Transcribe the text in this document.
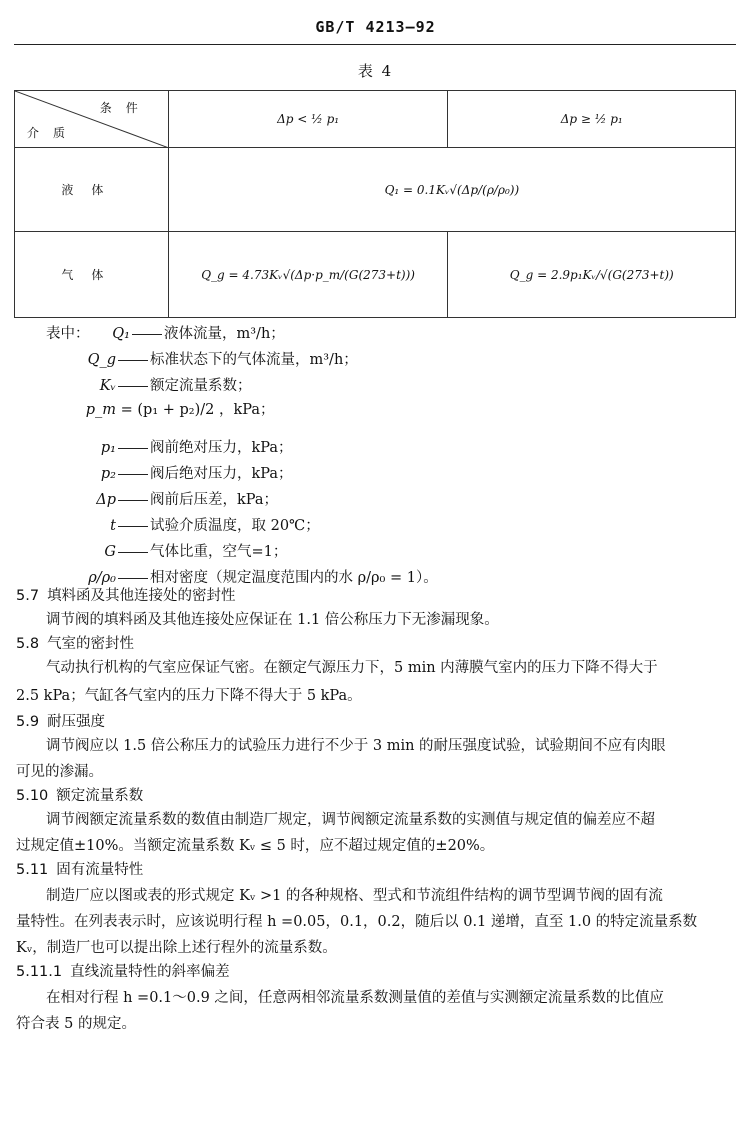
GB/T 4213—92
表 4
条件
介质	Δp < ½ p₁	Δp ≥ ½ p₁
液体	Q₁ = 0.1Kᵥ√(Δp/(ρ/ρ₀))	
气体	Q_g = 4.73Kᵥ√(Δp·p_m/(G(273+t)))	Q_g = 2.9p₁Kᵥ/√(G(273+t))
表中：	Q₁ 液体流量，m³/h；
Q_g 标准状态下的气体流量，m³/h；
Kᵥ 额定流量系数；
p_m = (p₁ + p₂)/2 ，kPa；
p₁ 阀前绝对压力，kPa；
p₂ 阀后绝对压力，kPa；
Δp 阀前后压差，kPa；
t 试验介质温度，取 20℃；
G 气体比重，空气=1；
ρ/ρ₀ 相对密度（规定温度范围内的水 ρ/ρ₀ = 1）。
5.7 填料函及其他连接处的密封性
调节阀的填料函及其他连接处应保证在 1.1 倍公称压力下无渗漏现象。
5.8 气室的密封性
气动执行机构的气室应保证气密。在额定气源压力下，5 min 内薄膜气室内的压力下降不得大于
2.5 kPa；气缸各气室内的压力下降不得大于 5 kPa。
5.9 耐压强度
调节阀应以 1.5 倍公称压力的试验压力进行不少于 3 min 的耐压强度试验，试验期间不应有肉眼
可见的渗漏。
5.10 额定流量系数
调节阀额定流量系数的数值由制造厂规定，调节阀额定流量系数的实测值与规定值的偏差应不超
过规定值±10%。当额定流量系数 Kᵥ ≤ 5 时，应不超过规定值的±20%。
5.11 固有流量特性
制造厂应以图或表的形式规定 Kᵥ >1 的各种规格、型式和节流组件结构的调节型调节阀的固有流
量特性。在列表表示时，应该说明行程 h =0.05，0.1，0.2，随后以 0.1 递增，直至 1.0 的特定流量系数
Kᵥ，制造厂也可以提出除上述行程外的流量系数。
5.11.1 直线流量特性的斜率偏差
在相对行程 h =0.1～0.9 之间，任意两相邻流量系数测量值的差值与实测额定流量系数的比值应
符合表 5 的规定。
